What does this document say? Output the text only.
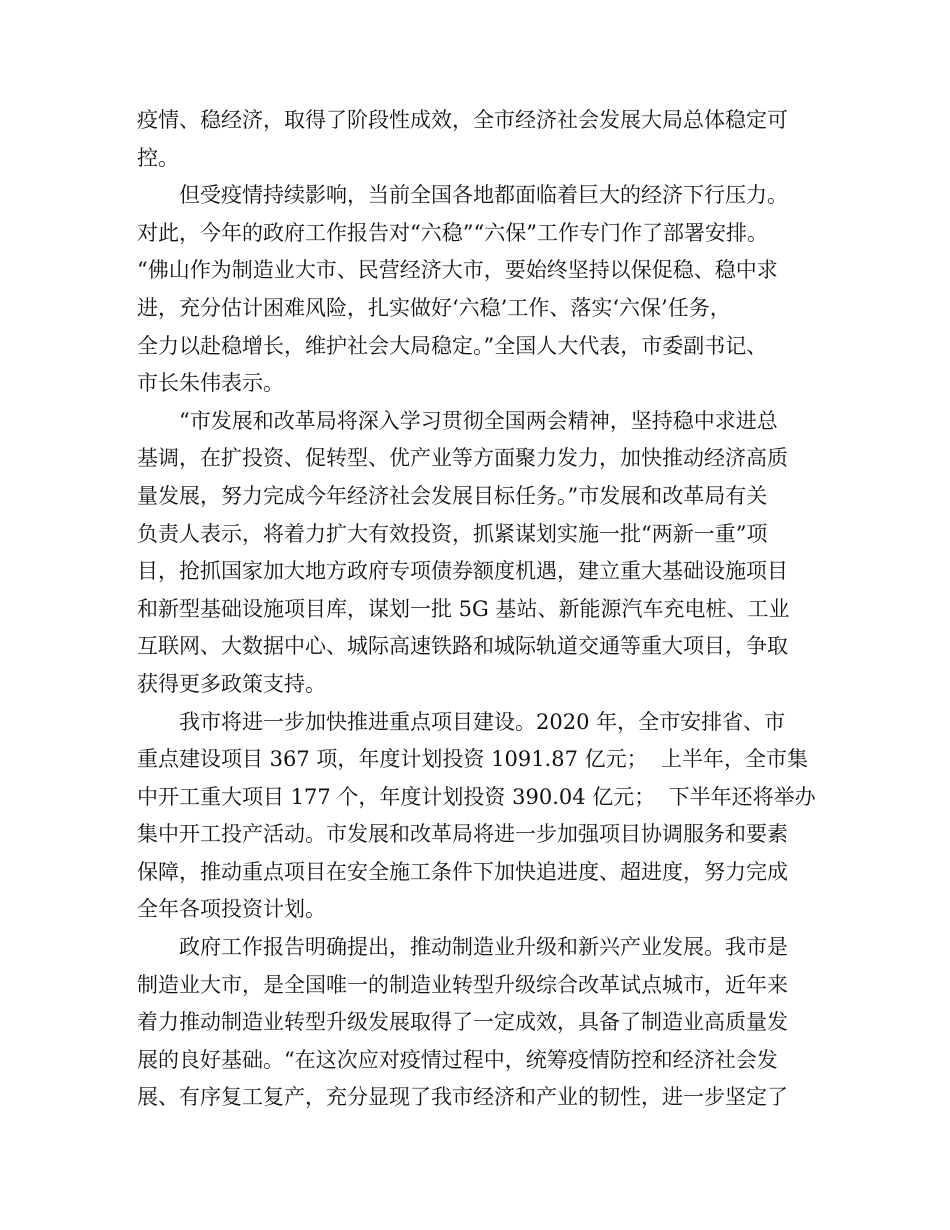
疫情、稳经济，取得了阶段性成效，全市经济社会发展大局总体稳定可
控。
但受疫情持续影响，当前全国各地都面临着巨大的经济下行压力。
对此，今年的政府工作报告对“六稳”“六保”工作专门作了部署安排。
“佛山作为制造业大市、民营经济大市，要始终坚持以保促稳、稳中求
进，充分估计困难风险，扎实做好‘六稳’工作、落实‘六保’任务，
全力以赴稳增长，维护社会大局稳定。”全国人大代表，市委副书记、
市长朱伟表示。
“市发展和改革局将深入学习贯彻全国两会精神，坚持稳中求进总
基调，在扩投资、促转型、优产业等方面聚力发力，加快推动经济高质
量发展，努力完成今年经济社会发展目标任务。”市发展和改革局有关
负责人表示，将着力扩大有效投资，抓紧谋划实施一批“两新一重”项
目，抢抓国家加大地方政府专项债券额度机遇，建立重大基础设施项目
和新型基础设施项目库，谋划一批 5G 基站、新能源汽车充电桩、工业
互联网、大数据中心、城际高速铁路和城际轨道交通等重大项目，争取
获得更多政策支持。
我市将进一步加快推进重点项目建设。2020 年，全市安排省、市
重点建设项目 367 项，年度计划投资 1091.87 亿元；  上半年，全市集
中开工重大项目 177 个，年度计划投资 390.04 亿元；  下半年还将举办
集中开工投产活动。市发展和改革局将进一步加强项目协调服务和要素
保障，推动重点项目在安全施工条件下加快追进度、超进度，努力完成
全年各项投资计划。
政府工作报告明确提出，推动制造业升级和新兴产业发展。我市是
制造业大市，是全国唯一的制造业转型升级综合改革试点城市，近年来
着力推动制造业转型升级发展取得了一定成效，具备了制造业高质量发
展的良好基础。“在这次应对疫情过程中，统筹疫情防控和经济社会发
展、有序复工复产，充分显现了我市经济和产业的韧性，进一步坚定了
